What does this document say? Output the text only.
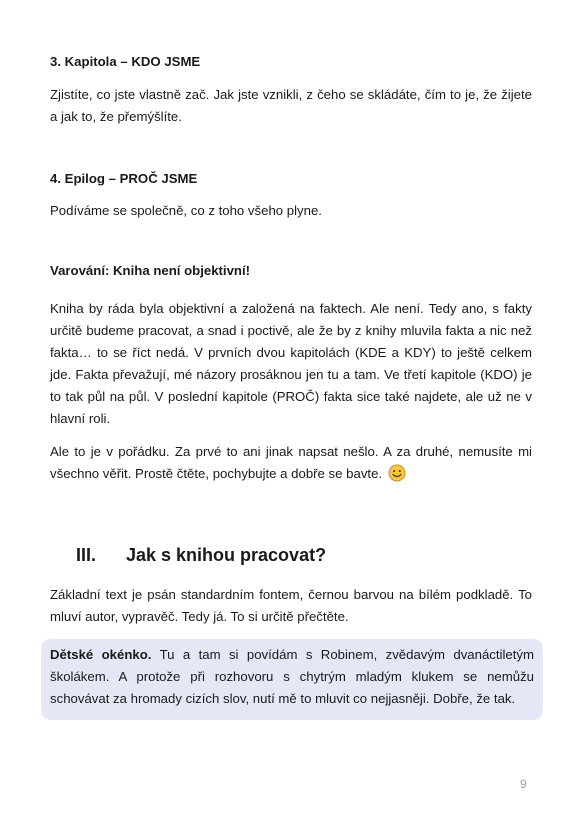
3. Kapitola – KDO JSME
Zjistíte, co jste vlastně zač. Jak jste vznikli, z čeho se skládáte, čím to je, že žijete a jak to, že přemýšlíte.
4. Epilog – PROČ JSME
Podíváme se společně, co z toho všeho plyne.
Varování: Kniha není objektivní!
Kniha by ráda byla objektivní a založená na faktech. Ale není. Tedy ano, s fakty určitě budeme pracovat, a snad i poctivě, ale že by z knihy mluvila fakta a nic než fakta… to se říct nedá. V prvních dvou kapitolách (KDE a KDY) to ještě celkem jde. Fakta převažují, mé názory prosáknou jen tu a tam. Ve třetí kapitole (KDO) je to tak půl na půl. V poslední kapitole (PROČ) fakta sice také najdete, ale už ne v hlavní roli.
Ale to je v pořádku. Za prvé to ani jinak napsat nešlo. A za druhé, nemusíte mi všechno věřit. Prostě čtěte, pochybujte a dobře se bavte.
III. Jak s knihou pracovat?
Základní text je psán standardním fontem, černou barvou na bílém podkladě. To mluví autor, vypravěč. Tedy já. To si určitě přečtěte.
Dětské okénko. Tu a tam si povídám s Robinem, zvědavým dvanáctiletým školákem. A protože při rozhovoru s chytrým mladým klukem se nemůžu schovávat za hromady cizích slov, nutí mě to mluvit co nejjasněji. Dobře, že tak.
9
